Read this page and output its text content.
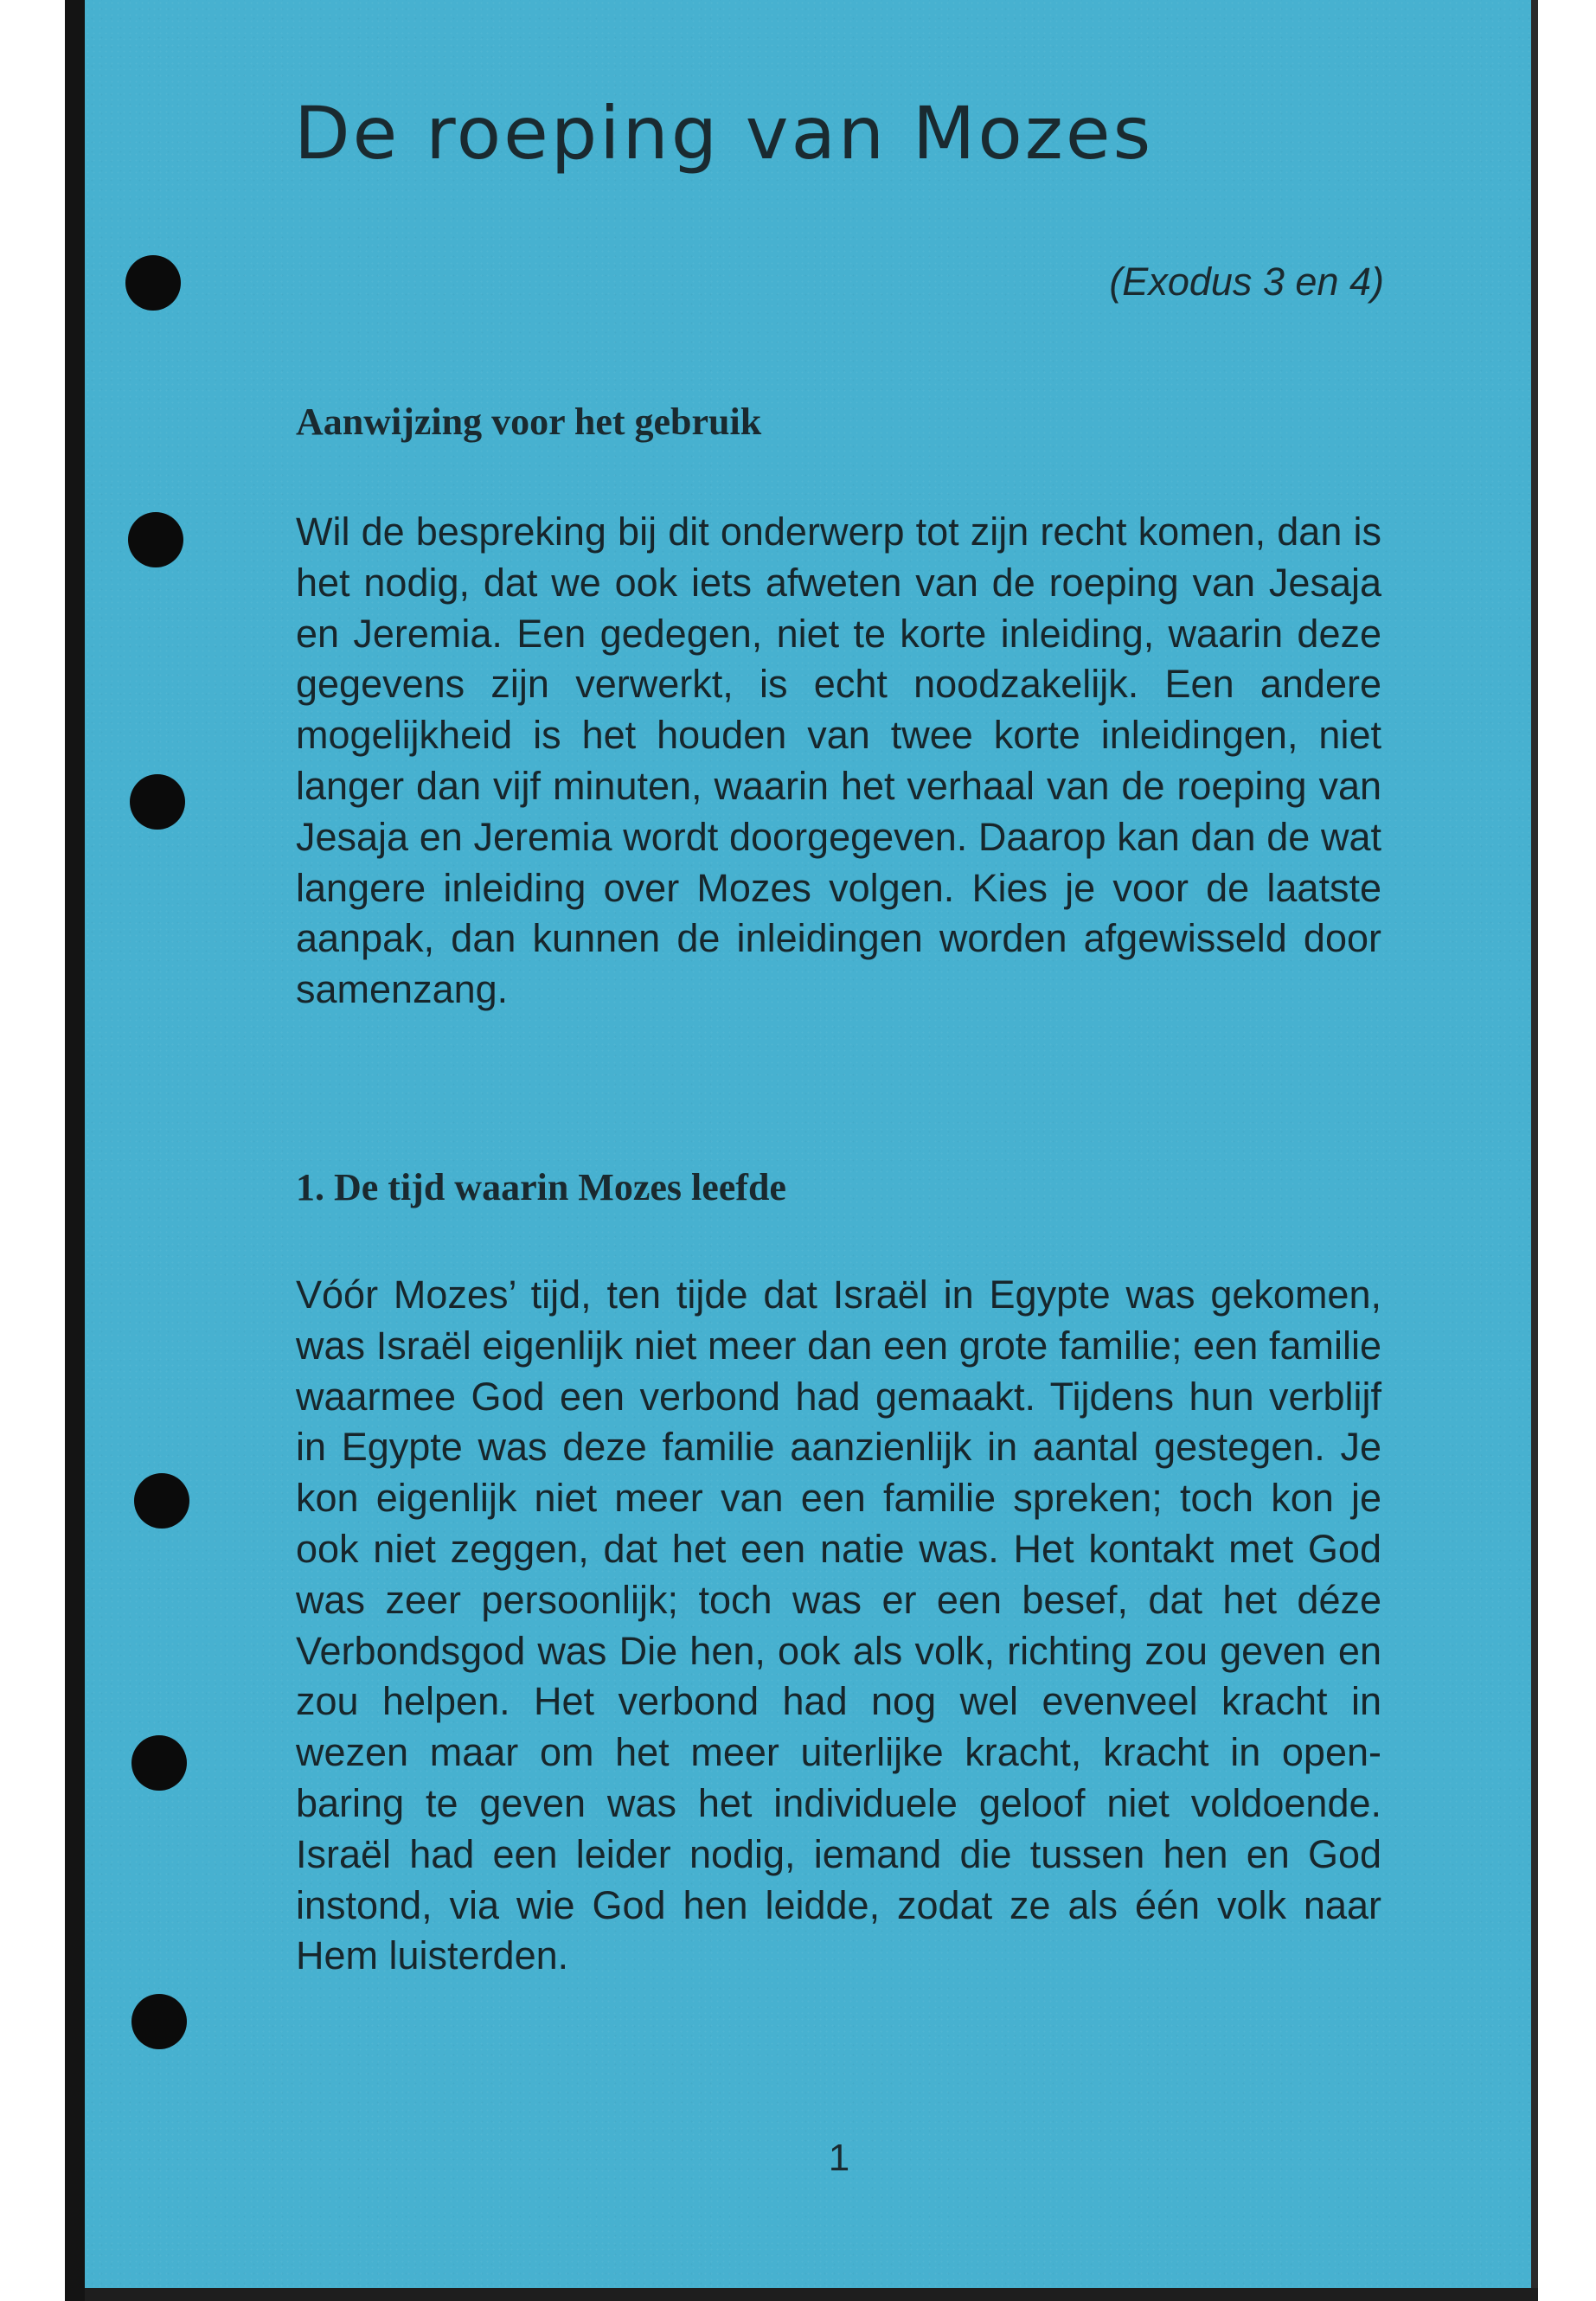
De roeping van Mozes
(Exodus 3 en 4)
Aanwijzing voor het gebruik

Wil de bespreking bij dit onderwerp tot zijn recht komen, dan is het nodig, dat we ook iets afweten van de roeping van Jesaja en Jeremia. Een gedegen, niet te korte inleiding, waarin deze gegevens zijn verwerkt, is echt noodzakelijk. Een andere mogelijkheid is het houden van twee korte inleidingen, niet langer dan vijf minuten, waarin het verhaal van de roeping van Jesaja en Jeremia wordt doorgegeven. Daarop kan dan de wat langere inleiding over Mozes volgen. Kies je voor de laatste aanpak, dan kunnen de inleidingen worden afgewisseld door samenzang.

1. De tijd waarin Mozes leefde

Vóór Mozes’ tijd, ten tijde dat Israël in Egypte was gekomen, was Israël eigenlijk niet meer dan een grote familie; een familie waarmee God een verbond had gemaakt. Tijdens hun verblijf in Egypte was deze familie aanzienlijk in aantal gestegen. Je kon eigenlijk niet meer van een familie spreken; toch kon je ook niet zeggen, dat het een natie was. Het kontakt met God was zeer persoonlijk; toch was er een besef, dat het déze Verbondsgod was Die hen, ook als volk, richting zou geven en zou helpen. Het verbond had nog wel evenveel kracht in wezen maar om het meer uiterlijke kracht, kracht in openbaring te geven was het individuele geloof niet voldoende. Israël had een leider nodig, iemand die tussen hen en God instond, via wie God hen leidde, zodat ze als één volk naar Hem luisterden.

1
